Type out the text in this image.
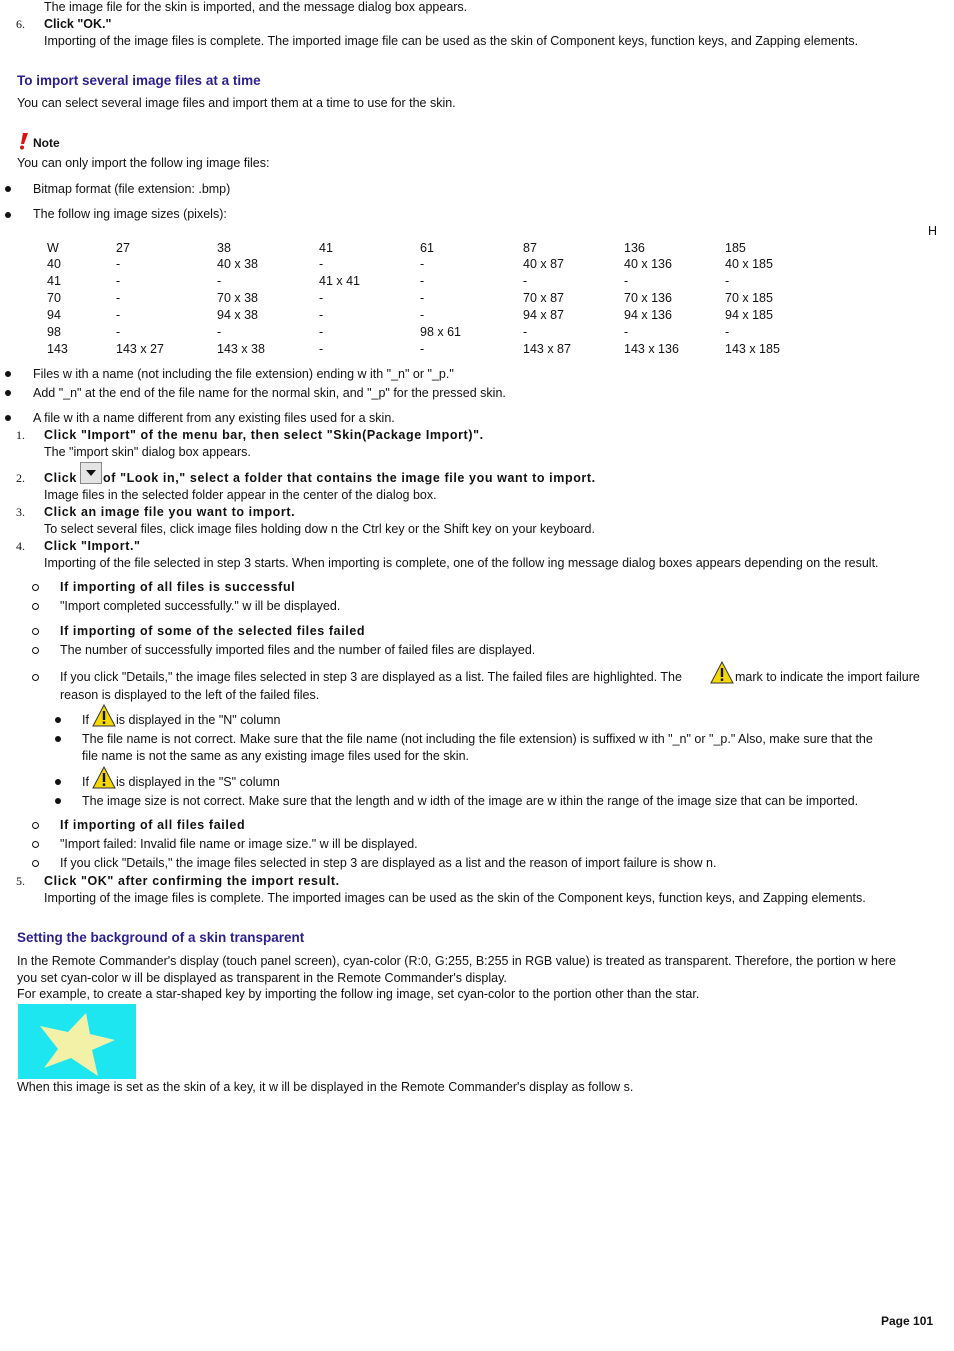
The image file for the skin is imported, and the message dialog box appears.
6. Click "OK."
Importing of the image files is complete. The imported image file can be used as the skin of Component keys, function keys, and Zapping elements.
To import several image files at a time
You can select several image files and import them at a time to use for the skin.
Note
You can only import the follow ing image files:
Bitmap format (file extension: .bmp)
The follow ing image sizes (pixels):
H
W	27	38	41	61	87	136	185
40	-	40 x 38	-	-	40 x 87	40 x 136	40 x 185
41	-	-	41 x 41	-	-	-	-
70	-	70 x 38	-	-	70 x 87	70 x 136	70 x 185
94	-	94 x 38	-	-	94 x 87	94 x 136	94 x 185
98	-	-	-	98 x 61	-	-	-
143	143 x 27	143 x 38	-	-	143 x 87	143 x 136	143 x 185
Files w ith a name (not including the file extension) ending w ith "_n" or "_p."
Add "_n" at the end of the file name for the normal skin, and "_p" for the pressed skin.
A file w ith a name different from any existing files used for a skin.
1. Click "Import" of the menu bar, then select "Skin(Package Import)".
The "import skin" dialog box appears.
2. Click of "Look in," select a folder that contains the image file you want to import.
Image files in the selected folder appear in the center of the dialog box.
3. Click an image file you want to import.
To select several files, click image files holding dow n the Ctrl key or the Shift key on your keyboard.
4. Click "Import."
Importing of the file selected in step 3 starts. When importing is complete, one of the follow ing message dialog boxes appears depending on the result.
If importing of all files is successful
"Import completed successfully." w ill be displayed.
If importing of some of the selected files failed
The number of successfully imported files and the number of failed files are displayed.
If you click "Details," the image files selected in step 3 are displayed as a list. The failed files are highlighted. The	mark to indicate the import failure
reason is displayed to the left of the failed files.
If is displayed in the "N" column
The file name is not correct. Make sure that the file name (not including the file extension) is suffixed w ith "_n" or "_p." Also, make sure that the
file name is not the same as any existing image files used for the skin.
If is displayed in the "S" column
The image size is not correct. Make sure that the length and w idth of the image are w ithin the range of the image size that can be imported.
If importing of all files failed
"Import failed: Invalid file name or image size." w ill be displayed.
If you click "Details," the image files selected in step 3 are displayed as a list and the reason of import failure is show n.
5. Click "OK" after confirming the import result.
Importing of the image files is complete. The imported images can be used as the skin of the Component keys, function keys, and Zapping elements.
Setting the background of a skin transparent
In the Remote Commander's display (touch panel screen), cyan-color (R:0, G:255, B:255 in RGB value) is treated as transparent. Therefore, the portion w here
you set cyan-color w ill be displayed as transparent in the Remote Commander's display.
For example, to create a star-shaped key by importing the follow ing image, set cyan-color to the portion other than the star.
When this image is set as the skin of a key, it w ill be displayed in the Remote Commander's display as follow s.
Page 101
